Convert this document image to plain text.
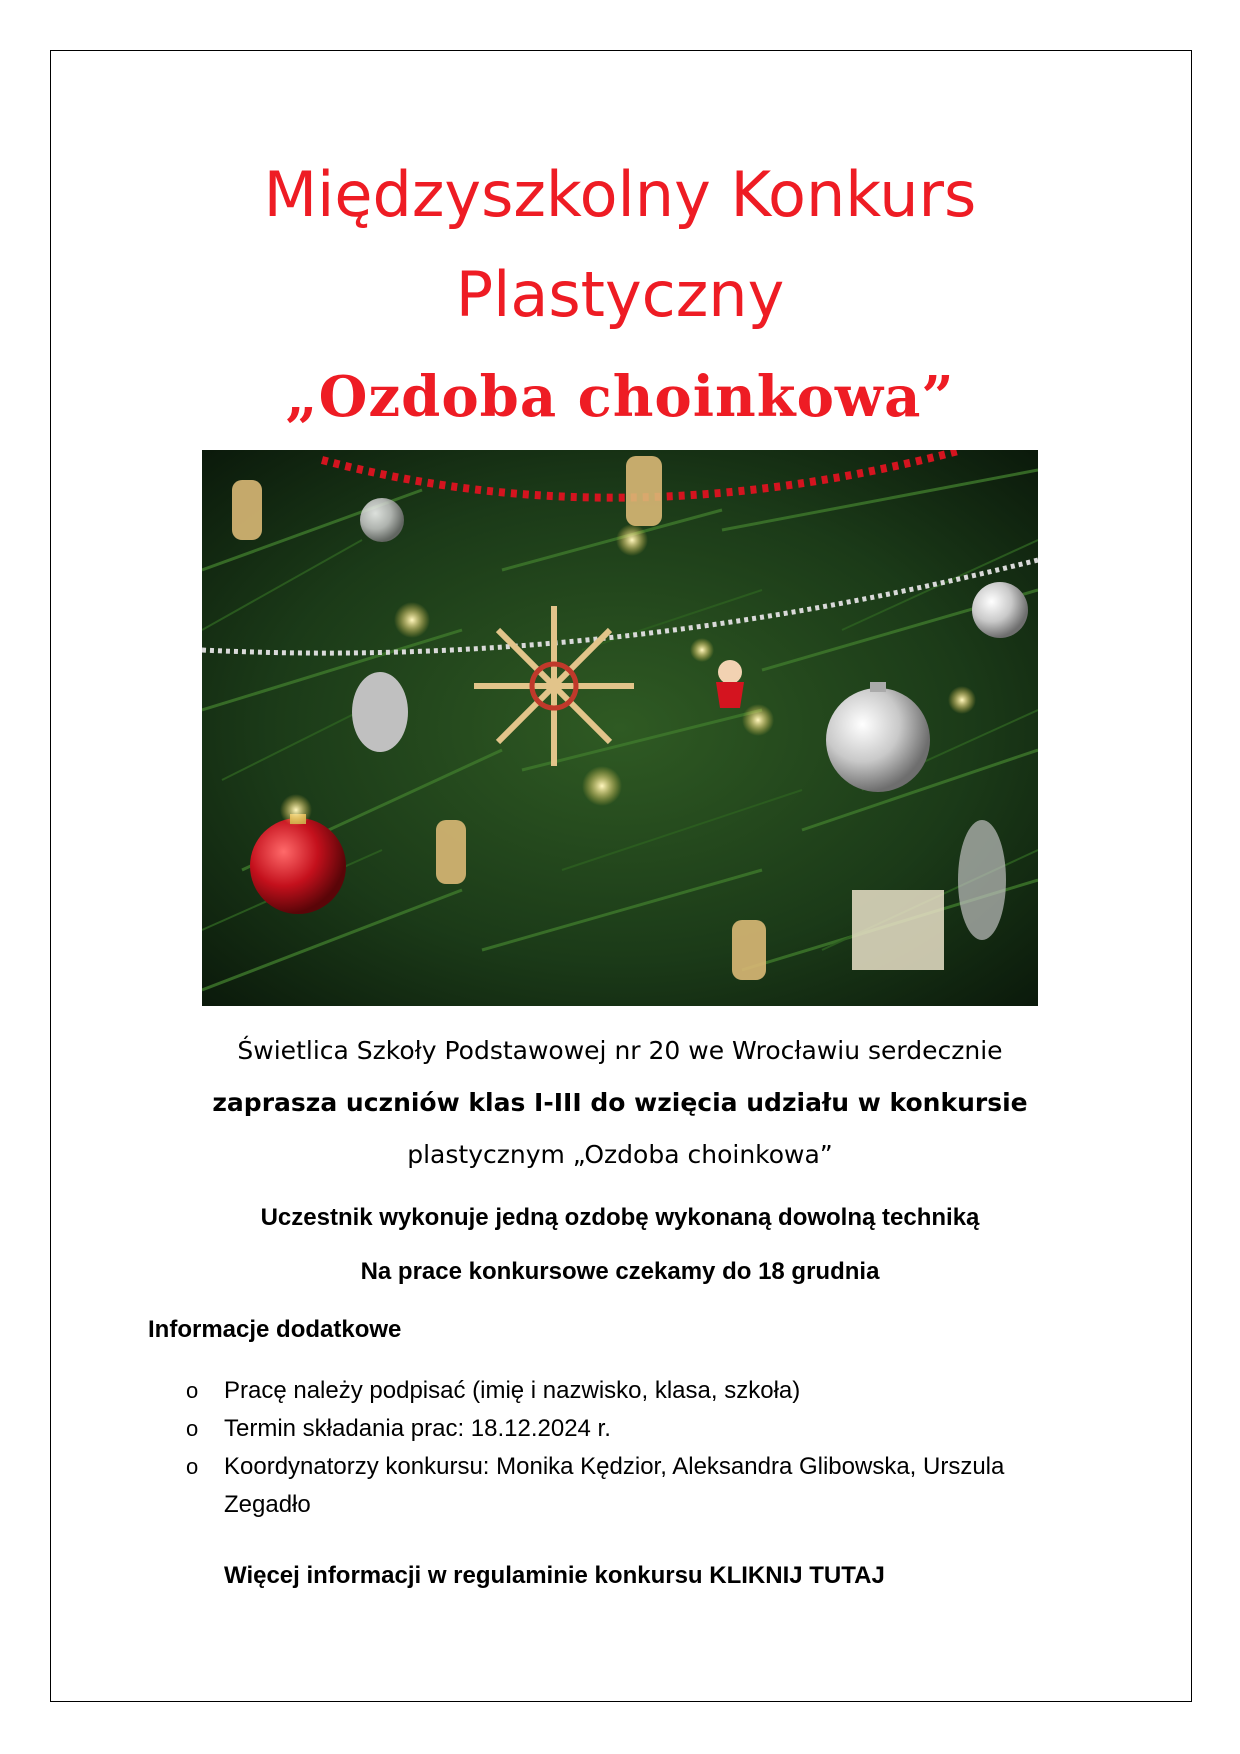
Międzyszkolny Konkurs
Plastyczny
„Ozdoba choinkowa”

Świetlica Szkoły Podstawowej nr 20 we Wrocławiu serdecznie

zaprasza uczniów klas I-III do wzięcia udziału w konkursie

plastycznym „Ozdoba choinkowa”

Uczestnik wykonuje jedną ozdobę wykonaną dowolną techniką

Na prace konkursowe czekamy do 18 grudnia

Informacje dodatkowe

o Pracę należy podpisać (imię i nazwisko, klasa, szkoła)
o Termin składania prac: 18.12.2024 r.
o Koordynatorzy konkursu: Monika Kędzior, Aleksandra Glibowska, Urszula Zegadło

Więcej informacji w regulaminie konkursu KLIKNIJ TUTAJ
